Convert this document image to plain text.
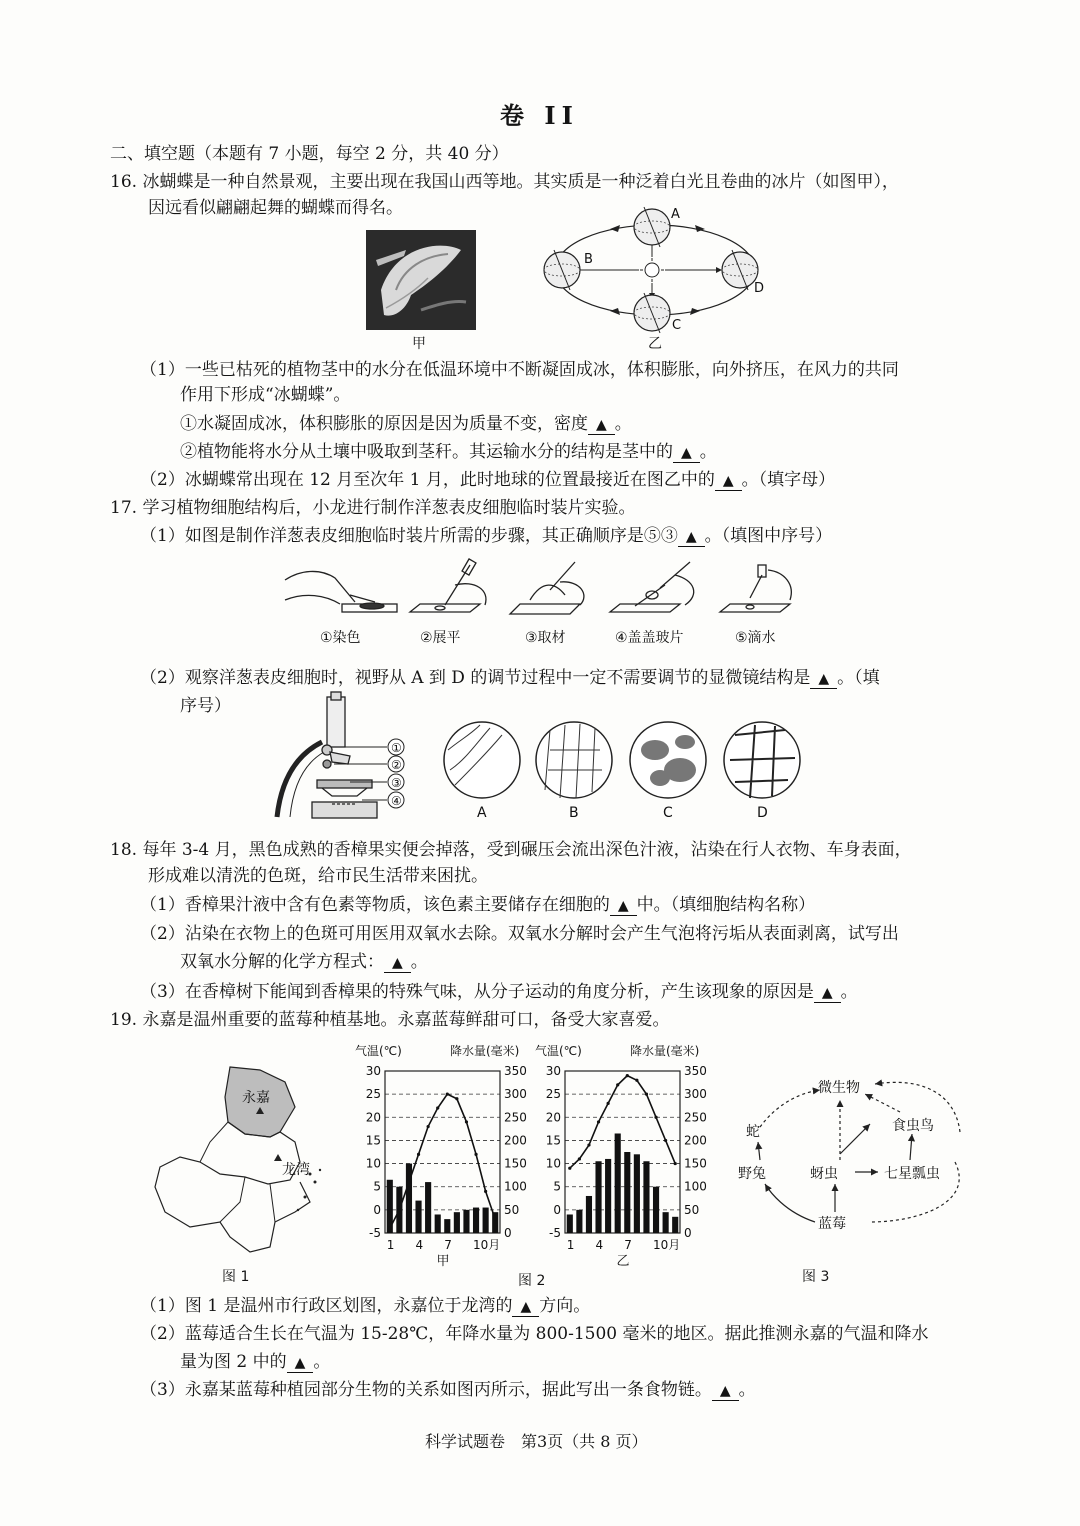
卷 II
二、填空题（本题有 7 小题，每空 2 分，共 40 分）
16. 冰蝴蝶是一种自然景观，主要出现在我国山西等地。其实质是一种泛着白光且卷曲的冰片（如图甲），
因远看似翩翩起舞的蝴蝶而得名。
甲
A
B
C
D
乙
（1）一些已枯死的植物茎中的水分在低温环境中不断凝固成冰，体积膨胀，向外挤压，在风力的共同
作用下形成“冰蝴蝶”。
①水凝固成冰，体积膨胀的原因是因为质量不变，密度 ▲ 。
②植物能将水分从土壤中吸取到茎秆。其运输水分的结构是茎中的 ▲ 。
（2）冰蝴蝶常出现在 12 月至次年 1 月，此时地球的位置最接近在图乙中的 ▲ 。（填字母）
17. 学习植物细胞结构后，小龙进行制作洋葱表皮细胞临时装片实验。
（1）如图是制作洋葱表皮细胞临时装片所需的步骤，其正确顺序是⑤③ ▲ 。（填图中序号）
①染色	②展平	③取材	④盖盖玻片	⑤滴水
（2）观察洋葱表皮细胞时，视野从 A 到 D 的调节过程中一定不需要调节的显微镜结构是 ▲ 。（填
序号）
①
②
③
④
A	B	C	D
18. 每年 3-4 月，黑色成熟的香樟果实便会掉落，受到碾压会流出深色汁液，沾染在行人衣物、车身表面，
形成难以清洗的色斑，给市民生活带来困扰。
（1）香樟果汁液中含有色素等物质，该色素主要储存在细胞的 ▲ 中。（填细胞结构名称）
（2）沾染在衣物上的色斑可用医用双氧水去除。双氧水分解时会产生气泡将污垢从表面剥离，试写出
双氧水分解的化学方程式： ▲ 。
（3）在香樟树下能闻到香樟果的特殊气味，从分子运动的角度分析，产生该现象的原因是 ▲ 。
19. 永嘉是温州重要的蓝莓种植基地。永嘉蓝莓鲜甜可口，备受大家喜爱。
永嘉
龙湾
图 1
气温(℃)	降水量(毫米)
30
25
20
15
10
5
0
-5
350
300
250
200
150
100
50
0
1 4 7 10月
甲
气温(℃)	降水量(毫米)
30
25
20
15
10
5
0
-5
350
300
250
200
150
100
50
0
1 4 7 10月
乙
图 2
微生物
蛇	食虫鸟
野兔	蚜虫	七星瓢虫
蓝莓
图 3
（1）图 1 是温州市行政区划图，永嘉位于龙湾的 ▲ 方向。
（2）蓝莓适合生长在气温为 15-28℃，年降水量为 800-1500 毫米的地区。据此推测永嘉的气温和降水
量为图 2 中的 ▲ 。
（3）永嘉某蓝莓种植园部分生物的关系如图丙所示，据此写出一条食物链。 ▲ 。
科学试题卷　第3页（共 8 页）
